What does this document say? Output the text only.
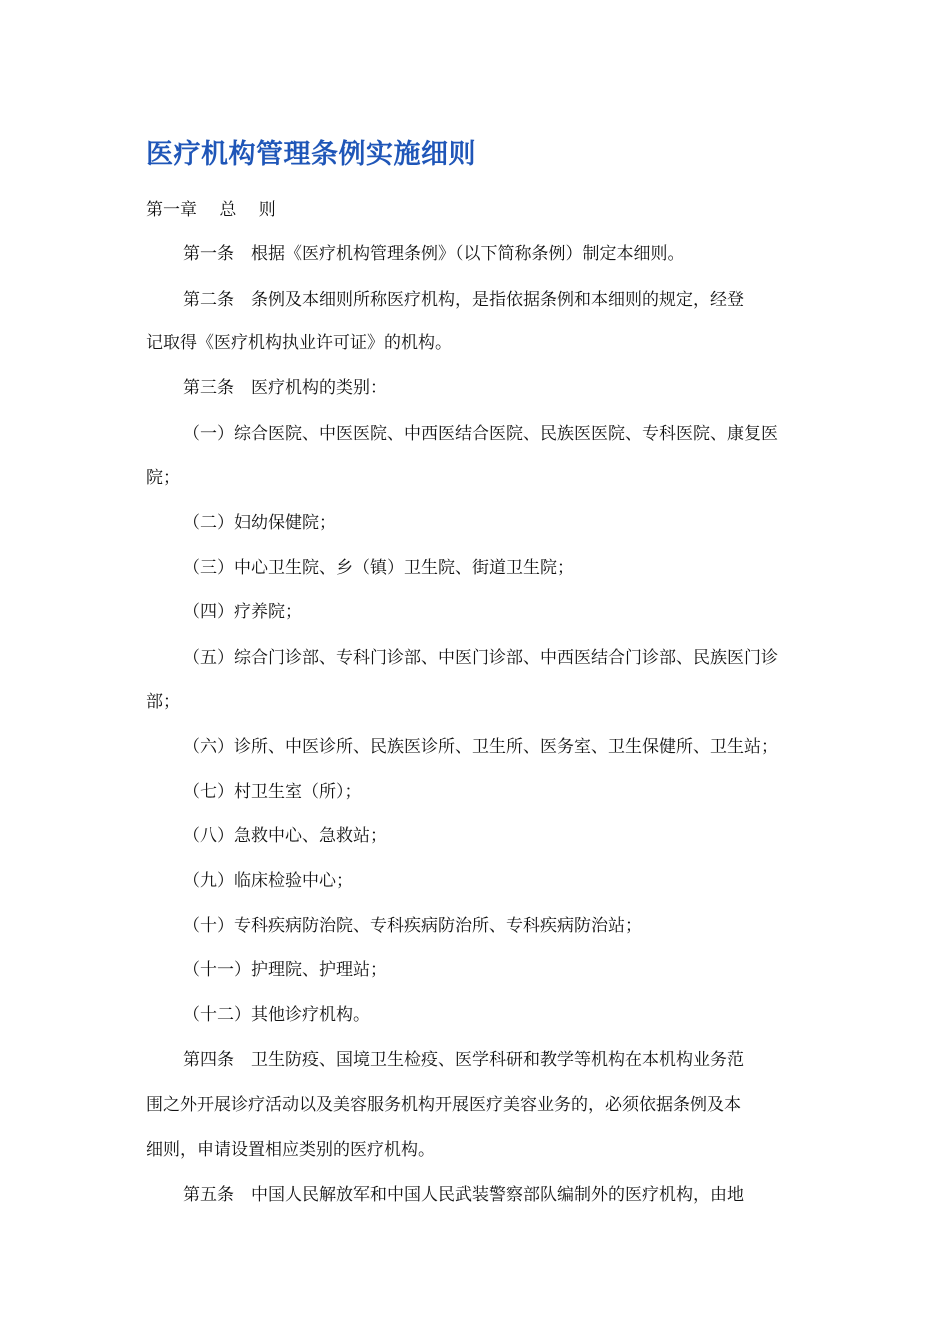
医疗机构管理条例实施细则
第一章　 总　 则
第一条　根据《医疗机构管理条例》（以下简称条例）制定本细则。
第二条　条例及本细则所称医疗机构，是指依据条例和本细则的规定，经登
记取得《医疗机构执业许可证》的机构。
第三条　医疗机构的类别：
（一）综合医院、中医医院、中西医结合医院、民族医医院、专科医院、康复医
院；
（二）妇幼保健院；
（三）中心卫生院、乡（镇）卫生院、街道卫生院；
（四）疗养院；
（五）综合门诊部、专科门诊部、中医门诊部、中西医结合门诊部、民族医门诊
部；
（六）诊所、中医诊所、民族医诊所、卫生所、医务室、卫生保健所、卫生站；
（七）村卫生室（所）；
（八）急救中心、急救站；
（九）临床检验中心；
（十）专科疾病防治院、专科疾病防治所、专科疾病防治站；
（十一）护理院、护理站；
（十二）其他诊疗机构。
第四条　卫生防疫、国境卫生检疫、医学科研和教学等机构在本机构业务范
围之外开展诊疗活动以及美容服务机构开展医疗美容业务的，必须依据条例及本
细则，申请设置相应类别的医疗机构。
第五条　中国人民解放军和中国人民武装警察部队编制外的医疗机构，由地
